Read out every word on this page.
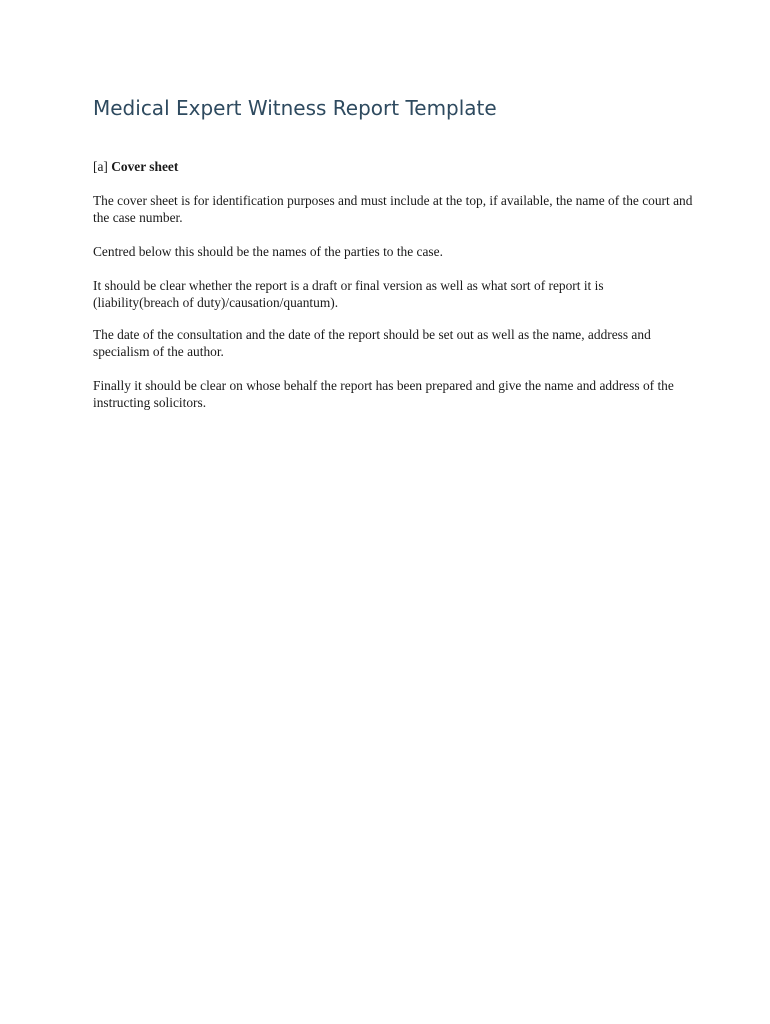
Medical Expert Witness Report Template

[a] Cover sheet

The cover sheet is for identification purposes and must include at the top, if available, the name of the court and the case number.

Centred below this should be the names of the parties to the case.

It should be clear whether the report is a draft or final version as well as what sort of report it is (liability(breach of duty)/causation/quantum).

The date of the consultation and the date of the report should be set out as well as the name, address and specialism of the author.

Finally it should be clear on whose behalf the report has been prepared and give the name and address of the instructing solicitors.
